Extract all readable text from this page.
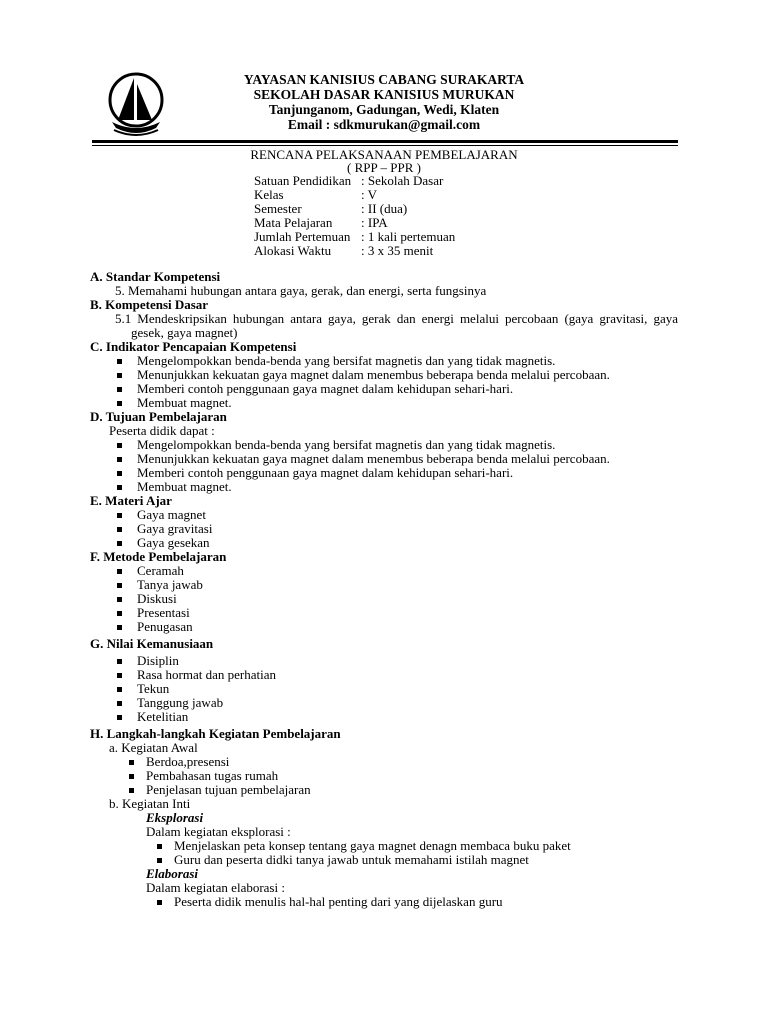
YAYASAN KANISIUS CABANG SURAKARTA
SEKOLAH DASAR KANISIUS MURUKAN
Tanjunganom, Gadungan, Wedi, Klaten
Email : sdkmurukan@gmail.com
RENCANA PELAKSANAAN PEMBELAJARAN
( RPP – PPR )
Satuan Pendidikan	: Sekolah Dasar
Kelas	: V
Semester	: II (dua)
Mata Pelajaran	: IPA
Jumlah Pertemuan	: 1 kali pertemuan
Alokasi Waktu	: 3 x 35 menit

A. Standar Kompetensi

5. Memahami hubungan antara gaya, gerak, dan energi, serta fungsinya

B. Kompetensi Dasar

5.1 Mendeskripsikan hubungan antara gaya, gerak dan energi melalui percobaan (gaya gravitasi, gaya gesek, gaya magnet)

C. Indikator Pencapaian Kompetensi

Mengelompokkan benda-benda yang bersifat magnetis dan yang tidak magnetis.
Menunjukkan kekuatan gaya magnet dalam menembus beberapa benda melalui percobaan.
Memberi contoh penggunaan gaya magnet dalam kehidupan sehari-hari.
Membuat magnet.

D. Tujuan Pembelajaran

Peserta didik dapat :

Mengelompokkan benda-benda yang bersifat magnetis dan yang tidak magnetis.
Menunjukkan kekuatan gaya magnet dalam menembus beberapa benda melalui percobaan.
Memberi contoh penggunaan gaya magnet dalam kehidupan sehari-hari.
Membuat magnet.

E. Materi Ajar

Gaya magnet
Gaya gravitasi
Gaya gesekan

F. Metode Pembelajaran

Ceramah
Tanya jawab
Diskusi
Presentasi
Penugasan

G. Nilai Kemanusiaan

Disiplin
Rasa hormat dan perhatian
Tekun
Tanggung jawab
Ketelitian

H. Langkah-langkah Kegiatan Pembelajaran

a. Kegiatan Awal

Berdoa,presensi
Pembahasan tugas rumah
Penjelasan tujuan pembelajaran

b. Kegiatan Inti

Eksplorasi

Dalam kegiatan eksplorasi :

Menjelaskan peta konsep tentang gaya magnet denagn membaca buku paket
Guru dan peserta didki tanya jawab untuk memahami istilah magnet

Elaborasi

Dalam kegiatan elaborasi :

Peserta didik menulis hal-hal penting dari yang dijelaskan guru
